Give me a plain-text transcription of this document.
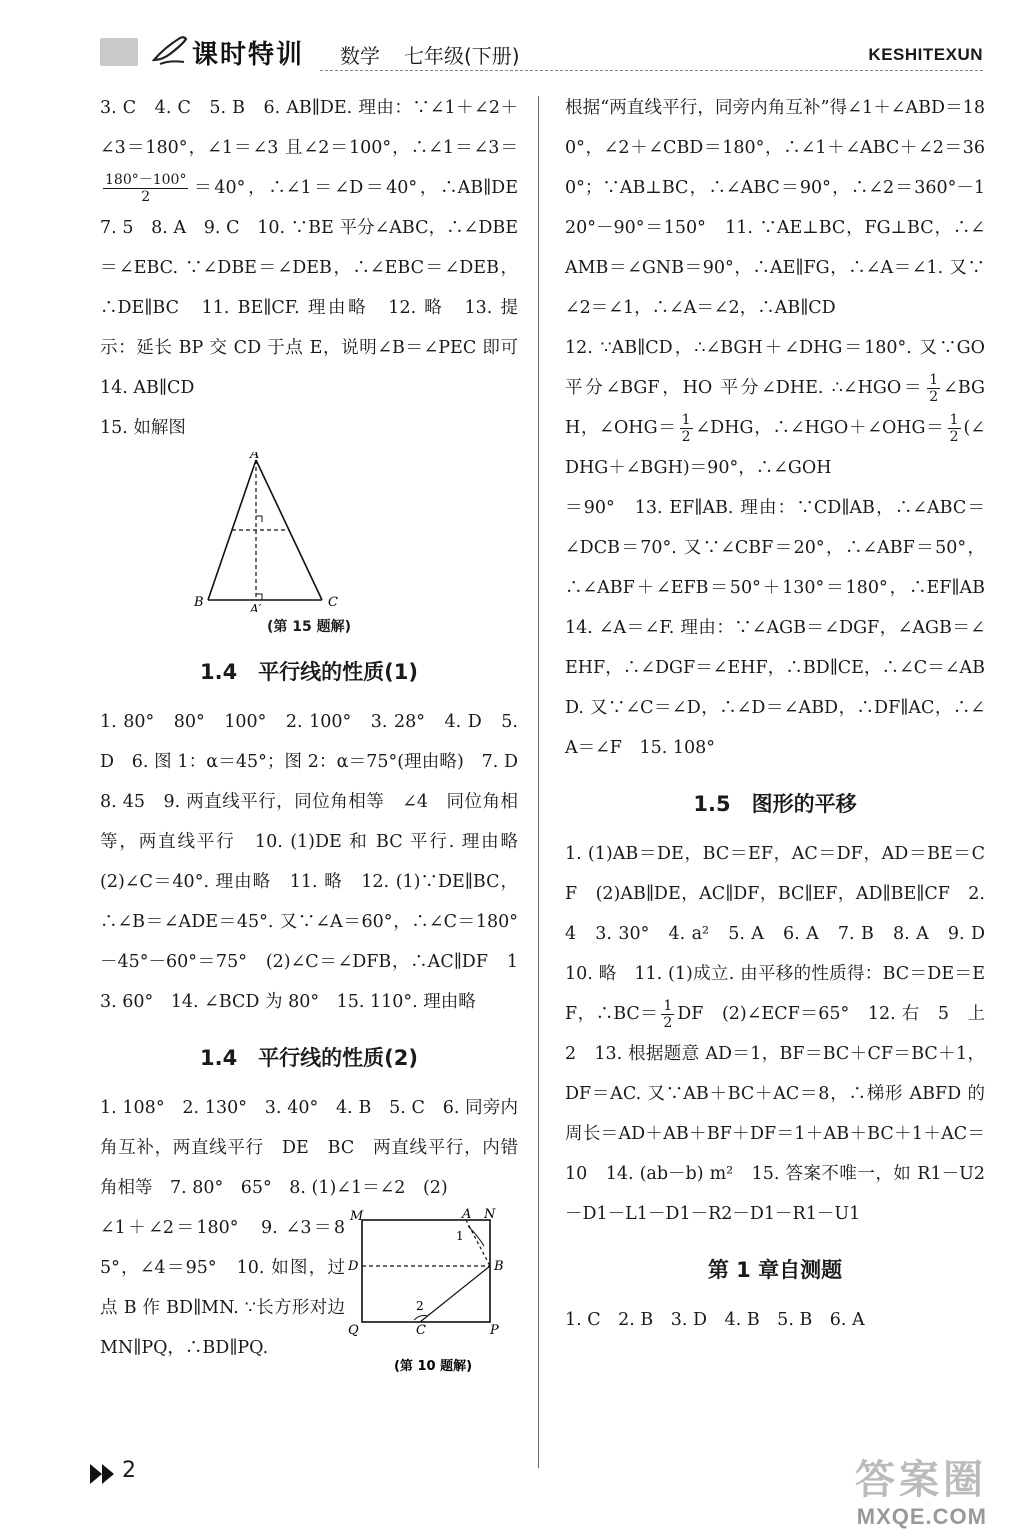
课时特训 数学 七年级(下册)	KESHITEXUN

3. C　4. C　5. B　6. AB∥DE. 理由：∵∠1＋∠2＋∠3＝180°，∠1＝∠3 且∠2＝100°，∴∠1＝∠3＝
$\frac{180^\circ-100^\circ}{2} =40^\circ$，∴∠1＝∠D＝40°，∴AB∥DE　7. 5　8. A　9. C　10. ∵BE 平分∠ABC，∴∠DBE＝∠EBC. ∵∠DBE＝∠DEB，∴∠EBC＝∠DEB，∴DE∥BC　11. BE∥CF. 理由略　12. 略　13. 提示：延长 BP 交 CD 于点 E，说明∠B＝∠PEC 即可　14. AB∥CD

15. 如解图

A
B	C
A′
(第 15 题解)
1.4　平行线的性质(1)

1. 80°　80°　100°　2. 100°　3. 28°　4. D　5. D　6. 图 1：α＝45°；图 2：α＝75°(理由略)　7. D　8. 45　9. 两直线平行，同位角相等　∠4　同位角相等，两直线平行　10. (1)DE 和 BC 平行. 理由略　(2)∠C＝40°. 理由略　11. 略　12. (1)∵DE∥BC，∴∠B＝∠ADE＝45°. 又∵∠A＝60°，∴∠C＝180°－45°－60°＝75°　(2)∠C＝∠DFB，∴AC∥DF　13. 60°　14. ∠BCD 为 80°　15. 110°. 理由略

1.4　平行线的性质(2)

1. 108°　2. 130°　3. 40°　4. B　5. C　6. 同旁内角互补，两直线平行　DE　BC　两直线平行，内错角相等　7. 80°　65°　8. (1)∠1＝∠2　(2)

∠1＋∠2＝180°　9. ∠3＝85°，∠4＝95°　10. 如图，过点 B 作 BD∥MN. ∵长方形对边 MN∥PQ，∴BD∥PQ.

M	A N
D	B
Q	C	P
1
2
(第 10 题解)

根据“两直线平行，同旁内角互补”得∠1＋∠ABD＝180°，∠2＋∠CBD＝180°，∴∠1＋∠ABC＋∠2＝360°；∵AB⊥BC，∴∠ABC＝90°，∴∠2＝360°－120°－90°＝150°　11. ∵AE⊥BC，FG⊥BC，∴∠AMB＝∠GNB＝90°，∴AE∥FG，∴∠A＝∠1. 又∵∠2＝∠1，∴∠A＝∠2，∴AB∥CD

12. ∵AB∥CD，∴∠BGH＋∠DHG＝180°. 又∵GO 平分∠BGF，HO 平分∠DHE. ∴∠HGO＝ $\frac{1}{2}$ ∠BGH，∠OHG＝ $\frac{1}{2}$ ∠DHG，∴∠HGO＋∠OHG＝ $\frac{1}{2}$ (∠DHG＋∠BGH)＝90°，∴∠GOH

＝90°　13. EF∥AB. 理由：∵CD∥AB，∴∠ABC＝∠DCB＝70°. 又∵∠CBF＝20°，∴∠ABF＝50°，∴∠ABF＋∠EFB＝50°＋130°＝180°，∴EF∥AB　14. ∠A＝∠F. 理由：∵∠AGB＝∠DGF，∠AGB＝∠EHF，∴∠DGF＝∠EHF，∴BD∥CE，∴∠C＝∠ABD. 又∵∠C＝∠D，∴∠D＝∠ABD，∴DF∥AC，∴∠A＝∠F　15. 108°

1.5　图形的平移

1. (1)AB＝DE，BC＝EF，AC＝DF，AD＝BE＝CF　(2)AB∥DE，AC∥DF，BC∥EF，AD∥BE∥CF　2. 4　3. 30°　4. a²　5. A　6. A　7. B　8. A　9. D　10. 略　11. (1)成立. 由平移的性质得：BC＝DE＝EF，∴BC＝ $\frac{1}{2}$ DF　(2)∠ECF＝65°　12. 右　5　上　2　13. 根据题意 AD＝1，BF＝BC＋CF＝BC＋1，DF＝AC. 又∵AB＋BC＋AC＝8，∴梯形 ABFD 的周长＝AD＋AB＋BF＋DF＝1＋AB＋BC＋1＋AC＝10　14. (ab－b) m²　15. 答案不唯一，如 R1－U2－D1－L1－D1－R2－D1－R1－U1

第 1 章自测题

1. C　2. B　3. D　4. B　5. B　6. A

2	答案圈
MXQE.COM
